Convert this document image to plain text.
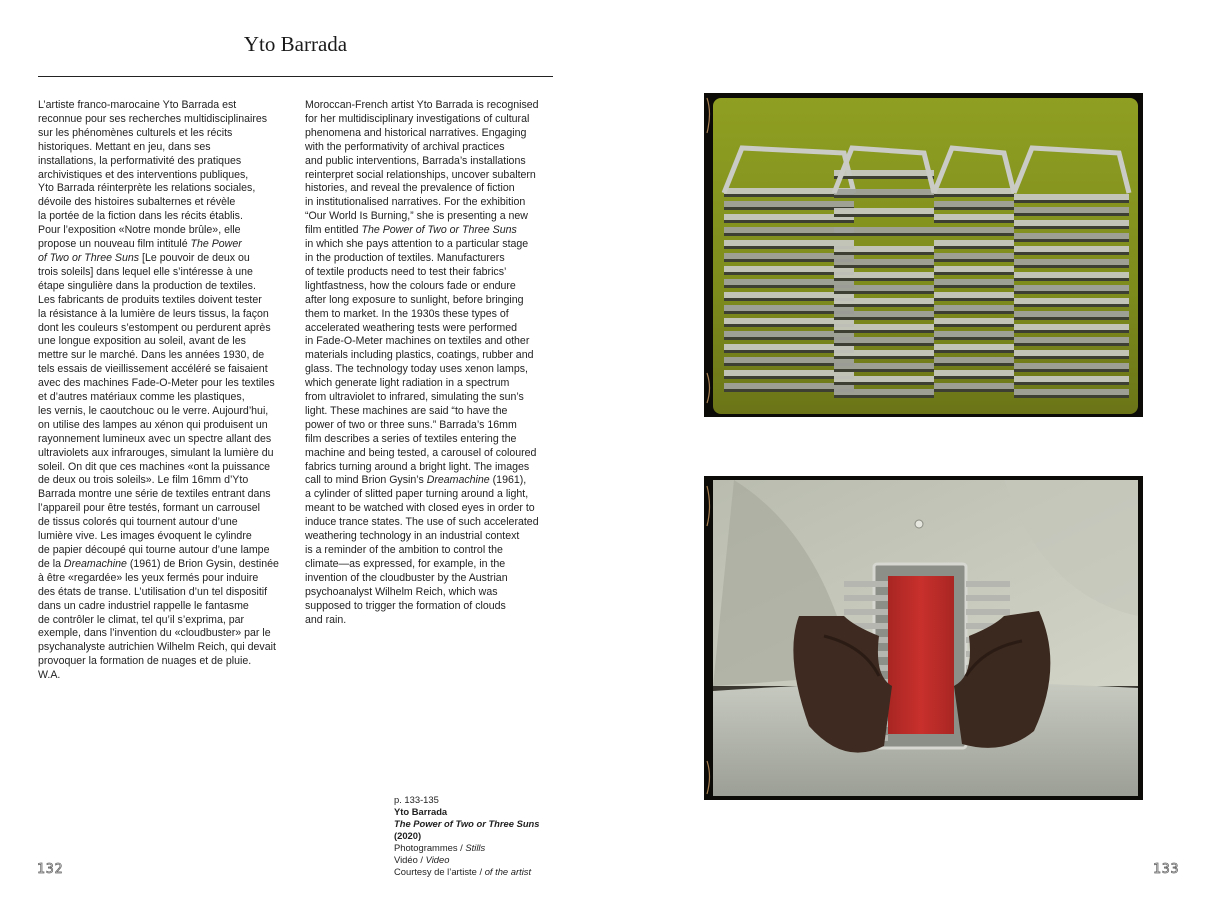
Yto Barrada

L’artiste franco-marocaine Yto Barrada est
reconnue pour ses recherches multidisciplinaires
sur les phénomènes culturels et les récits
historiques. Mettant en jeu, dans ses
installations, la performativité des pratiques
archivistiques et des interventions publiques,
Yto Barrada réinterprète les relations sociales,
dévoile des histoires subalternes et révèle
la portée de la fiction dans les récits établis.
Pour l’exposition «Notre monde brûle», elle
propose un nouveau film intitulé The Power
of Two or Three Suns [Le pouvoir de deux ou
trois soleils] dans lequel elle s’intéresse à une
étape singulière dans la production de textiles.
Les fabricants de produits textiles doivent tester
la résistance à la lumière de leurs tissus, la façon
dont les couleurs s’estompent ou perdurent après
une longue exposition au soleil, avant de les
mettre sur le marché. Dans les années 1930, de
tels essais de vieillissement accéléré se faisaient
avec des machines Fade-O-Meter pour les textiles
et d’autres matériaux comme les plastiques,
les vernis, le caoutchouc ou le verre. Aujourd’hui,
on utilise des lampes au xénon qui produisent un
rayonnement lumineux avec un spectre allant des
ultraviolets aux infrarouges, simulant la lumière du
soleil. On dit que ces machines «ont la puissance
de deux ou trois soleils». Le film 16mm d’Yto
Barrada montre une série de textiles entrant dans
l’appareil pour être testés, formant un carrousel
de tissus colorés qui tournent autour d’une
lumière vive. Les images évoquent le cylindre
de papier découpé qui tourne autour d’une lampe
de la Dreamachine (1961) de Brion Gysin, destinée
à être «regardée» les yeux fermés pour induire
des états de transe. L’utilisation d’un tel dispositif
dans un cadre industriel rappelle le fantasme
de contrôler le climat, tel qu’il s’exprima, par
exemple, dans l’invention du «cloudbuster» par le
psychanalyste autrichien Wilhelm Reich, qui devait
provoquer la formation de nuages et de pluie.
W.A.

Moroccan-French artist Yto Barrada is recognised
for her multidisciplinary investigations of cultural
phenomena and historical narratives. Engaging
with the performativity of archival practices
and public interventions, Barrada’s installations
reinterpret social relationships, uncover subaltern
histories, and reveal the prevalence of fiction
in institutionalised narratives. For the exhibition
“Our World Is Burning,” she is presenting a new
film entitled The Power of Two or Three Suns
in which she pays attention to a particular stage
in the production of textiles. Manufacturers
of textile products need to test their fabrics’
lightfastness, how the colours fade or endure
after long exposure to sunlight, before bringing
them to market. In the 1930s these types of
accelerated weathering tests were performed
in Fade-O-Meter machines on textiles and other
materials including plastics, coatings, rubber and
glass. The technology today uses xenon lamps,
which generate light radiation in a spectrum
from ultraviolet to infrared, simulating the sun’s
light. These machines are said “to have the
power of two or three suns.” Barrada’s 16mm
film describes a series of textiles entering the
machine and being tested, a carousel of coloured
fabrics turning around a bright light. The images
call to mind Brion Gysin’s Dreamachine (1961),
a cylinder of slitted paper turning around a light,
meant to be watched with closed eyes in order to
induce trance states. The use of such accelerated
weathering technology in an industrial context
is a reminder of the ambition to control the
climate—as expressed, for example, in the
invention of the cloudbuster by the Austrian
psychoanalyst Wilhelm Reich, which was
supposed to trigger the formation of clouds
and rain.

p. 133-135
Yto Barrada
The Power of Two or Three Suns
(2020)
Photogrammes / Stills
Vidéo / Video
Courtesy de l’artiste / of the artist
132	133
